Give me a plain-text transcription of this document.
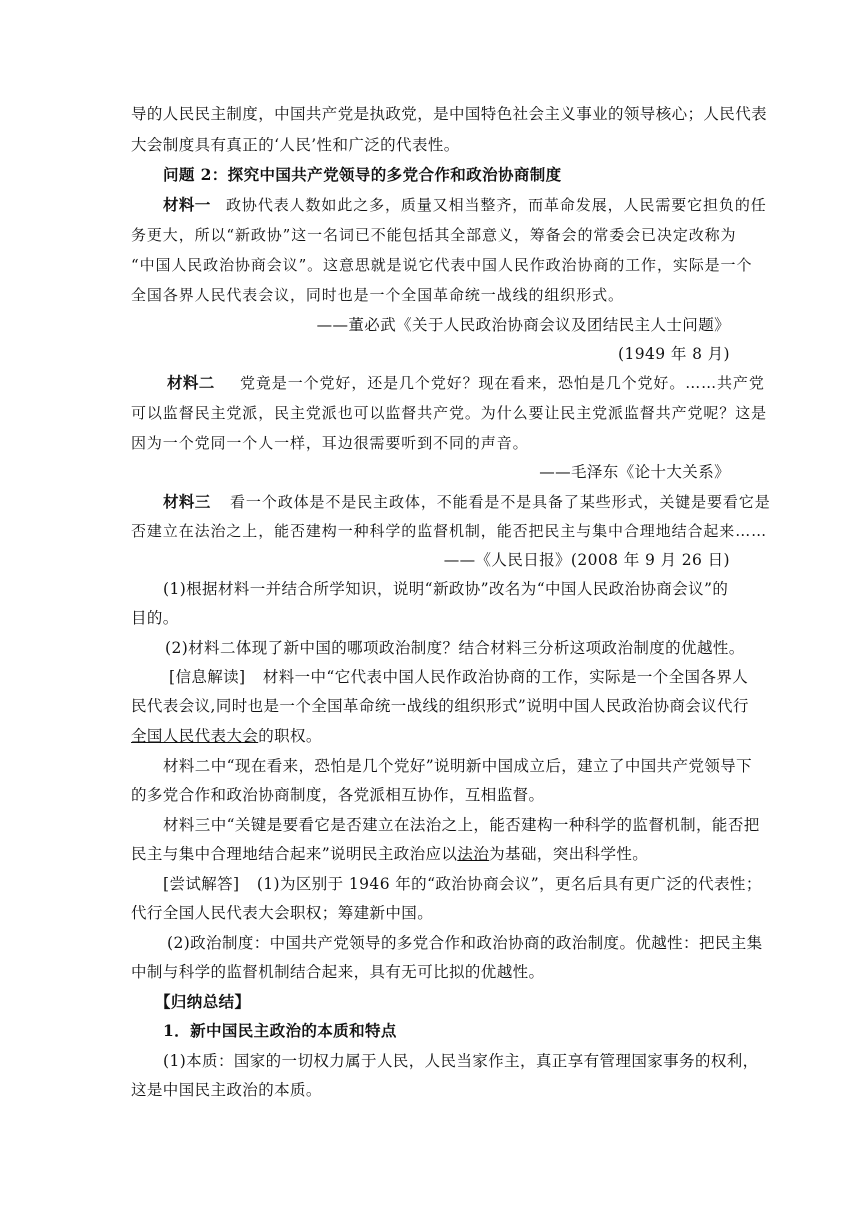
导的人民民主制度，中国共产党是执政党，是中国特色社会主义事业的领导核心；人民代表
大会制度具有真正的‘人民’性和广泛的代表性。
问题 2：探究中国共产党领导的多党合作和政治协商制度
材料一 政协代表人数如此之多，质量又相当整齐，而革命发展，人民需要它担负的任
务更大，所以“新政协”这一名词已不能包括其全部意义，筹备会的常委会已决定改称为
“中国人民政治协商会议”。这意思就是说它代表中国人民作政治协商的工作，实际是一个
全国各界人民代表会议，同时也是一个全国革命统一战线的组织形式。
——董必武《关于人民政治协商会议及团结民主人士问题》
(1949 年 8 月)
材料二 党竟是一个党好，还是几个党好？现在看来，恐怕是几个党好。……共产党
可以监督民主党派，民主党派也可以监督共产党。为什么要让民主党派监督共产党呢？这是
因为一个党同一个人一样，耳边很需要听到不同的声音。
——毛泽东《论十大关系》
材料三 看一个政体是不是民主政体，不能看是不是具备了某些形式，关键是要看它是
否建立在法治之上，能否建构一种科学的监督机制，能否把民主与集中合理地结合起来……
——《人民日报》(2008 年 9 月 26 日)
(1)根据材料一并结合所学知识，说明“新政协”改名为“中国人民政治协商会议”的
目的。
(2)材料二体现了新中国的哪项政治制度？结合材料三分析这项政治制度的优越性。
[信息解读] 材料一中“它代表中国人民作政治协商的工作，实际是一个全国各界人
民代表会议,同时也是一个全国革命统一战线的组织形式”说明中国人民政治协商会议代行
全国人民代表大会的职权。
材料二中“现在看来，恐怕是几个党好”说明新中国成立后，建立了中国共产党领导下
的多党合作和政治协商制度，各党派相互协作，互相监督。
材料三中“关键是要看它是否建立在法治之上，能否建构一种科学的监督机制，能否把
民主与集中合理地结合起来”说明民主政治应以法治为基础，突出科学性。
[尝试解答] (1)为区别于 1946 年的“政治协商会议”，更名后具有更广泛的代表性；
代行全国人民代表大会职权；筹建新中国。
(2)政治制度：中国共产党领导的多党合作和政治协商的政治制度。优越性：把民主集
中制与科学的监督机制结合起来，具有无可比拟的优越性。
【归纳总结】
1．新中国民主政治的本质和特点
(1)本质：国家的一切权力属于人民，人民当家作主，真正享有管理国家事务的权利，
这是中国民主政治的本质。
